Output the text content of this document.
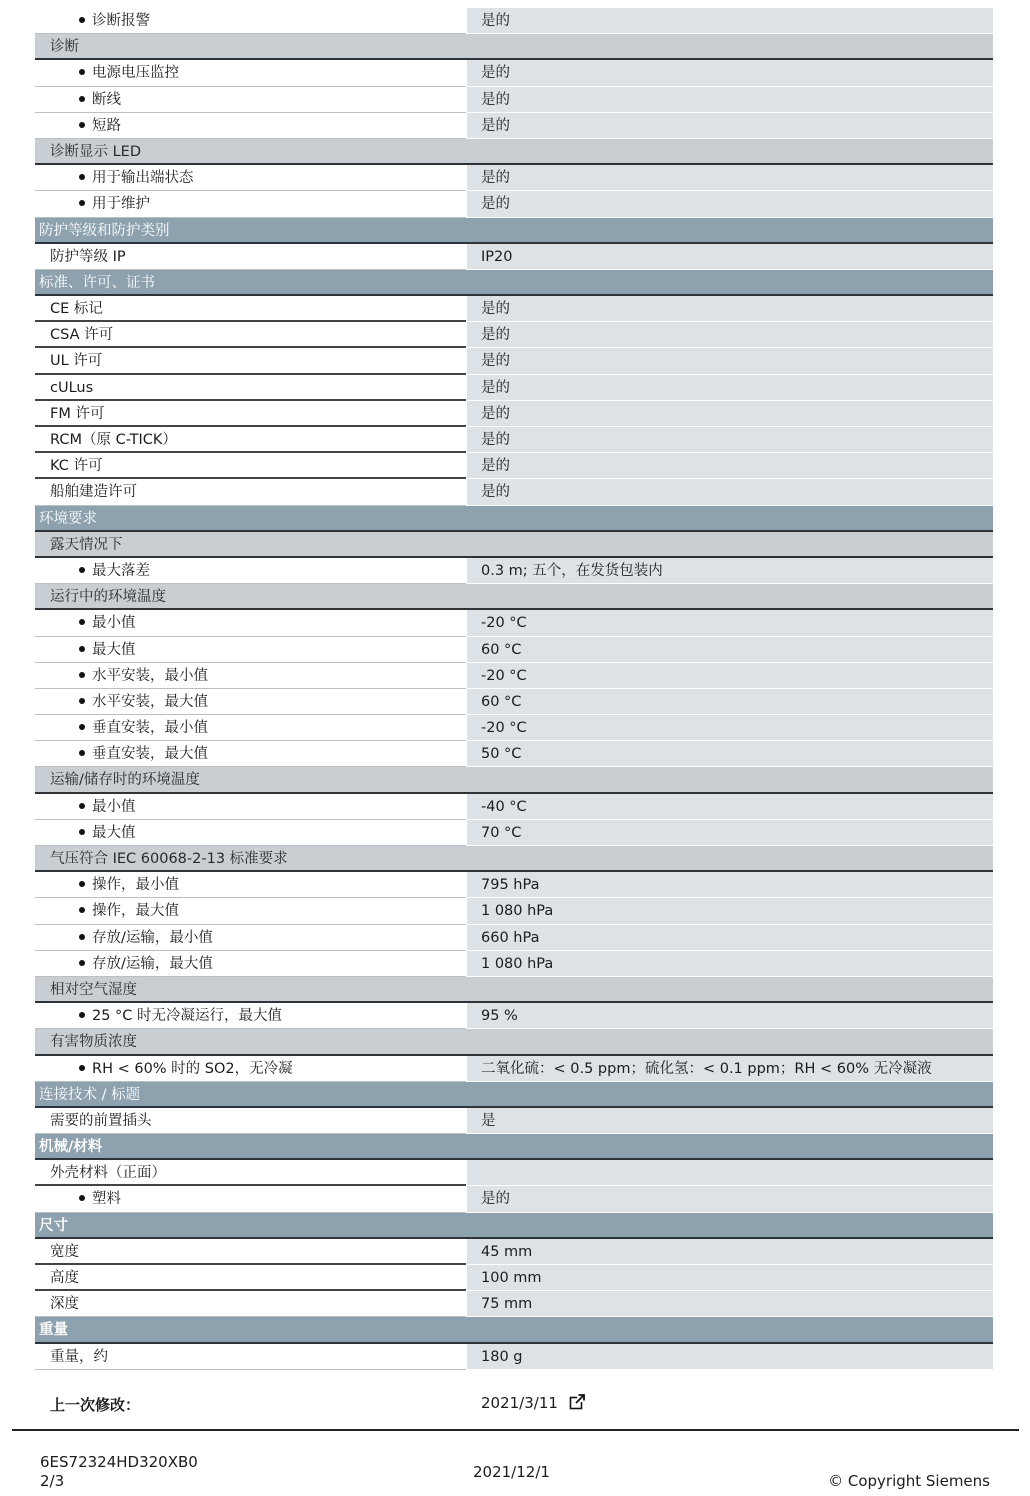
诊断报警	是的
诊断
电源电压监控	是的
断线	是的
短路	是的
诊断显示 LED
用于输出端状态	是的
用于维护	是的
防护等级和防护类别
防护等级 IP	IP20
标准、许可、证书
CE 标记	是的
CSA 许可	是的
UL 许可	是的
cULus	是的
FM 许可	是的
RCM（原 C-TICK）	是的
KC 许可	是的
船舶建造许可	是的
环境要求
露天情况下
最大落差	0.3 m; 五个，在发货包装内
运行中的环境温度
最小值	-20 °C
最大值	60 °C
水平安装，最小值	-20 °C
水平安装，最大值	60 °C
垂直安装，最小值	-20 °C
垂直安装，最大值	50 °C
运输/储存时的环境温度
最小值	-40 °C
最大值	70 °C
气压符合 IEC 60068-2-13 标准要求
操作，最小值	795 hPa
操作，最大值	1 080 hPa
存放/运输，最小值	660 hPa
存放/运输，最大值	1 080 hPa
相对空气湿度
25 °C 时无冷凝运行，最大值	95 %
有害物质浓度
RH < 60% 时的 SO2，无冷凝	二氧化硫：< 0.5 ppm；硫化氢：< 0.1 ppm；RH < 60% 无冷凝液
连接技术 / 标题
需要的前置插头	是
机械/材料
外壳材料（正面）
塑料	是的
尺寸
宽度	45 mm
高度	100 mm
深度	75 mm
重量
重量，约	180 g
上一次修改：	2021/3/11
6ES72324HD320XB0
2/3	2021/12/1	© Copyright Siemens
